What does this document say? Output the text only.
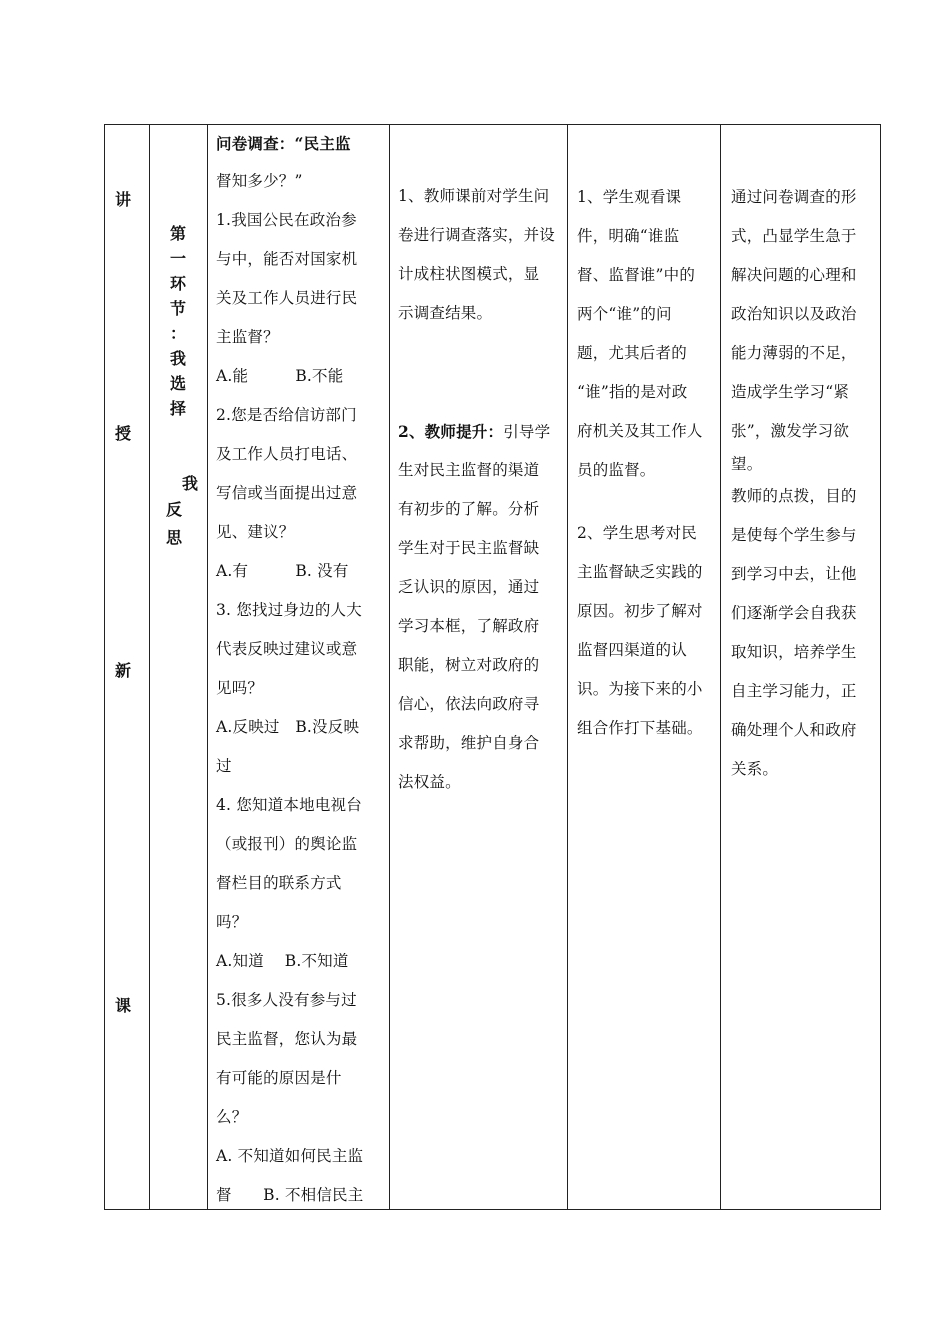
讲
授
新
课
第
一
环
节
：
我
选
择
我
反
思
问卷调查：“民主监
督知多少？”
1.我国公民在政治参
与中，能否对国家机
关及工作人员进行民
主监督？
A.能　　　B.不能
2.您是否给信访部门
及工作人员打电话、
写信或当面提出过意
见、建议？
A.有　　　B. 没有
3. 您找过身边的人大
代表反映过建议或意
见吗？
A.反映过　B.没反映
过
4. 您知道本地电视台
（或报刊）的舆论监
督栏目的联系方式
吗？
A.知道　 B.不知道
5.很多人没有参与过
民主监督，您认为最
有可能的原因是什
么？
A. 不知道如何民主监
督　　B. 不相信民主
1、教师课前对学生问
卷进行调查落实，并设
计成柱状图模式，显
示调查结果。
2、教师提升：引导学
生对民主监督的渠道
有初步的了解。分析
学生对于民主监督缺
乏认识的原因，通过
学习本框，了解政府
职能，树立对政府的
信心，依法向政府寻
求帮助，维护自身合
法权益。
1、学生观看课
件，明确“谁监
督、监督谁”中的
两个“谁”的问
题，尤其后者的
“谁”指的是对政
府机关及其工作人
员的监督。
2、学生思考对民
主监督缺乏实践的
原因。初步了解对
监督四渠道的认
识。为接下来的小
组合作打下基础。
通过问卷调查的形
式，凸显学生急于
解决问题的心理和
政治知识以及政治
能力薄弱的不足，
造成学生学习“紧
张”，激发学习欲
望。
教师的点拨，目的
是使每个学生参与
到学习中去，让他
们逐渐学会自我获
取知识，培养学生
自主学习能力，正
确处理个人和政府
关系。
